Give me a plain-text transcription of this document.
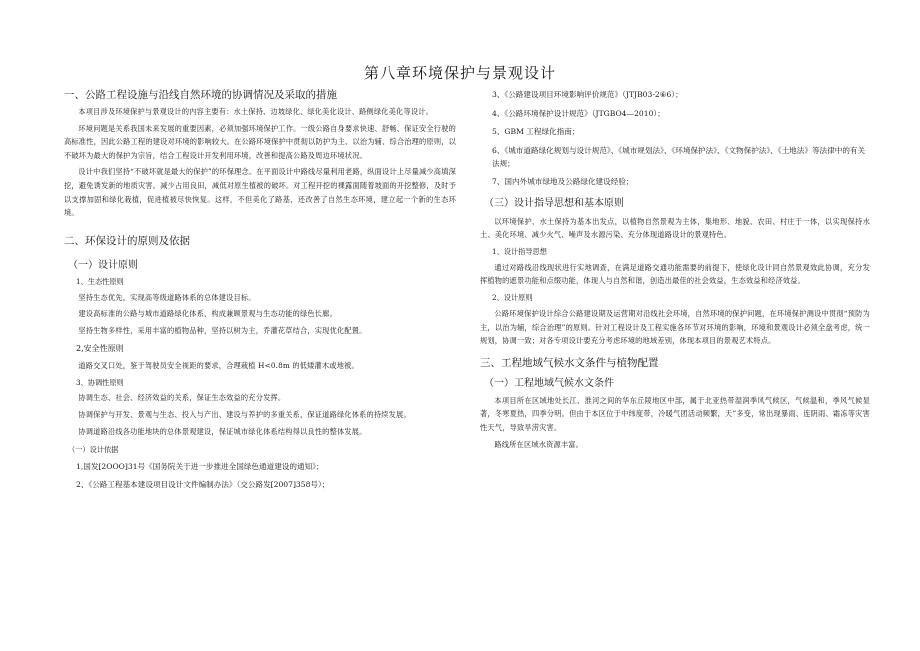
第八章环境保护与景观设计

一、公路工程设施与沿线自然环境的协调情况及采取的措施

本项目涉及环境保护与景观设计的内容主要有：水土保持、边坡绿化、绿化美化设计、路侧绿化美化等设计。

环境问题是关系我国未来发展的重要因素，必须加强环境保护工作。一级公路自身要求快速、舒畅、保证安全行驶的高标准性，因此公路工程的建设对环境的影响较大。在公路环境保护中贯彻以防护为主、以治为辅、综合治理的原则，以不破坏为最大的保护为宗旨，结合工程设计开发利用环境，改善和提高公路及周边环境状况。

设计中我们坚持“不破坏就是最大的保护”的环保理念。在平面设计中路线尽量利用老路，纵面设计上尽量减少高填深挖，避免诱发新的地质灾害。减少占用良田，减低对原生植被的破坏。对工程开挖的裸露面随着坡面的开挖整修，及时予以支撑加固和绿化栽植，促进植被尽快恢复。这样，不但美化了路基，还改善了自然生态环境，建立起一个新的生态环境。

二、环保设计的原则及依据

（一）设计原则

1、生态性原则

坚持生态优先，实现高等级道路体系的总体建设目标。

建设高标准的公路与城市道路绿化体系，构成兼顾景观与生态功能的绿色长廊。

坚持生物多样性，采用丰富的植物品种，坚持以树为主，乔灌花草结合，实现优化配置。

2,安全性原则

道路交叉口处，鉴于驾驶员安全视距的要求，合理栽植 H<0.8m 的低矮灌木或地被。

3、协调性原则

协调生态、社会、经济效益的关系，保证生态效益的充分发挥。

协调保护与开发、景观与生态、投入与产出、建设与养护的多重关系，保证道路绿化体系的持续发展。

协调道路沿线各功能地块的总体景观建设，保证城市绿化体系结构得以良性的整体发展。

（一）设计依据

1,国发[2OOO]31号《国务院关于进一步推进全国绿色通道建设的通知》；

2、《公路工程基本建设项目设计文件编制办法》（交公路发[2007]358号）；

3、《公路建设项目环境影响评价规范》（JTJB03-2⑥6）；

4、《公路环境保护设计规范》（JTGBO4—2010）；

5、GBM 工程绿化指南；

6、《城市道路绿化规划与设计规范》、《城市规划法》、《环境保护法》、《文物保护法》、《土地法》等法律中的有关法规；

7、国内外城市绿地及公路绿化建设经验；

（三）设计指导思想和基本原则

以环境保护、水土保持为基本出发点，以植物自然景观为主体，集地形、地貌、农田、村庄于一体，以实现保持水土、美化环境、减少火气、噪声及水源污染、充分体现道路设计的景观特色。

1、设计指导思想

通过对路线沿线现状进行实地调查，在满足道路交通功能需要的前提下，使绿化设计同自然景观效此协调，充分发挥植物的遮景功能和点缀功能，体现人与自然和谐，创造出最佳的社会效益，生态效益和经济效益。

2、设计原则

公路环境保护设计综合公路建设期及运营期对沿线社会环境，自然环境的保护问题，在环境保护测设中贯彻“预防为主，以治为辅，综合治理”的原则。针对工程设计及工程实施各环节对环境的影响，环境和景观设计必须全盘考虑，统一规划，协调一致；对各专项设计要充分考虑环境的地域差别，体现本项目的景观艺术特点。

三、工程地域气候水文条件与植物配置

（一）工程地域气候水文条件

本项目所在区域地处长江、淮河之间的华东丘陵地区中部，属于北亚热带湿润季风气候区，气候温和，季风气候显著，冬寒夏热，四季分明。但由于本区位于中纬度带，冷暖气团活动频繁，天”多变，常出现暴雨、连阴雨、霜冻等灾害性天气，导致旱涝灾害。

路线所在区域水资源丰富。
